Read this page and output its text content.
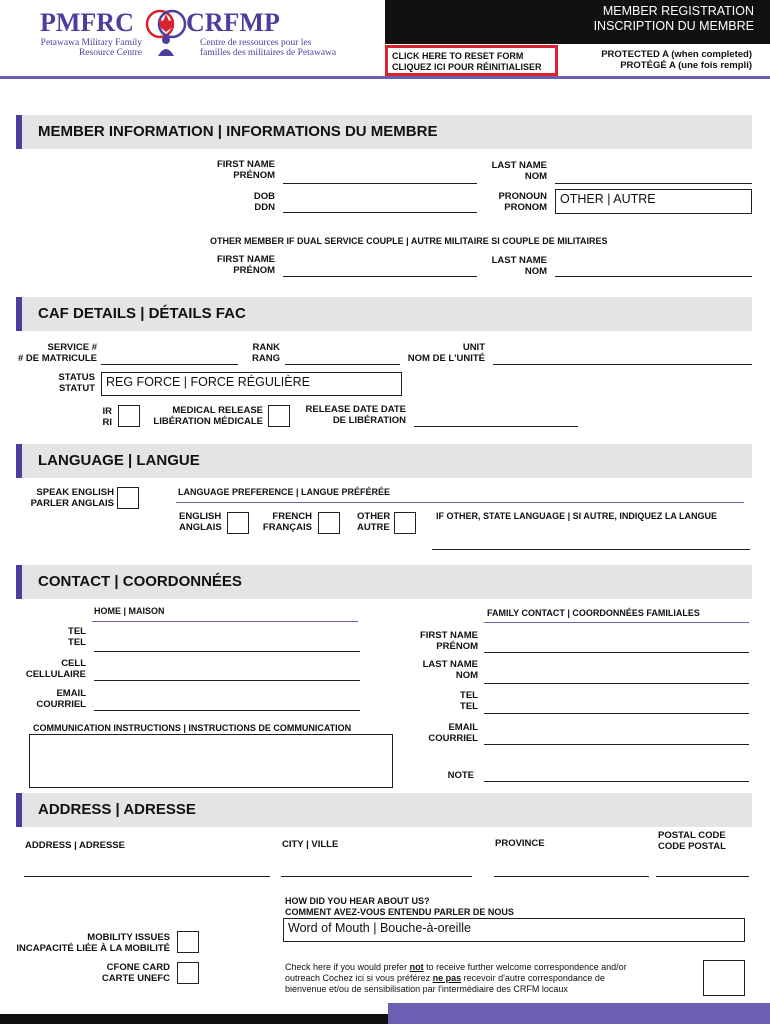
PMFRC CRFMP
Petawawa Military Family
Resource Centre
Centre de ressources pour les
familles des militaires de Petawawa
MEMBER REGISTRATION
INSCRIPTION DU MEMBRE
CLICK HERE TO RESET FORM
CLIQUEZ ICI POUR RÉINITIALISER
PROTECTED A (when completed)
PROTÉGÉ A (une fois rempli)
MEMBER INFORMATION | INFORMATIONS DU MEMBRE
FIRST NAME
PRÉNOM
LAST NAME
NOM
DOB
DDN
PRONOUN
PRONOM
OTHER | AUTRE
OTHER MEMBER IF DUAL SERVICE COUPLE | AUTRE MILITAIRE SI COUPLE DE MILITAIRES
FIRST NAME
PRÉNOM
LAST NAME
NOM
CAF DETAILS | DÉTAILS FAC
SERVICE #
# DE MATRICULE
RANK
RANG
UNIT
NOM DE L'UNITÉ
STATUS
STATUT REG FORCE | FORCE RÉGULIÈRE
IR
RI
MEDICAL RELEASE
LIBÉRATION MÉDICALE
RELEASE DATE DATE
DE LIBÉRATION
LANGUAGE | LANGUE
SPEAK ENGLISH
PARLER ANGLAIS
LANGUAGE PREFERENCE | LANGUE PRÉFÉRÉE
ENGLISH
ANGLAIS
FRENCH
FRANÇAIS
OTHER
AUTRE
IF OTHER, STATE LANGUAGE | SI AUTRE, INDIQUEZ LA LANGUE
CONTACT | COORDONNÉES
HOME | MAISON
TEL
TEL
CELL
CELLULAIRE
EMAIL
COURRIEL
COMMUNICATION INSTRUCTIONS | INSTRUCTIONS DE COMMUNICATION
FAMILY CONTACT | COORDONNÉES FAMILIALES
FIRST NAME
PRÉNOM
LAST NAME
NOM
TEL
TEL
EMAIL
COURRIEL
NOTE
ADDRESS | ADRESSE
ADDRESS | ADRESSE	CITY | VILLE	PROVINCE
POSTAL CODE
CODE POSTAL
HOW DID YOU HEAR ABOUT US?
COMMENT AVEZ-VOUS ENTENDU PARLER DE NOUS
Word of Mouth | Bouche-à-oreille
MOBILITY ISSUES
INCAPACITÉ LIÉE À LA MOBILITÉ
CFONE CARD
CARTE UNEFC
Check here if you would prefer not to receive further welcome correspondence and/or
outreach Cochez ici si vous préférez ne pas recevoir d'autre correspondance de
bienvenue et/ou de sensibilisation par l'intermédiaire des CRFM locaux
